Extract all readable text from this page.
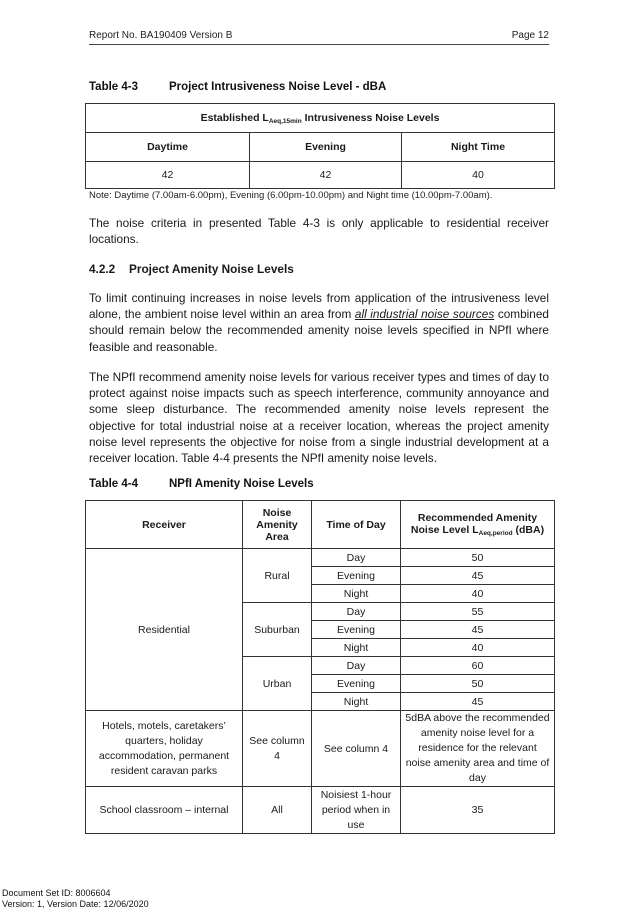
Report No. BA190409 Version B	Page 12
Table 4-3	Project Intrusiveness Noise Level - dBA
Established $L_{Aeq,15min}$ Intrusiveness Noise Levels		
Daytime	Evening	Night Time
42	42	40
Note: Daytime (7.00am-6.00pm), Evening (6.00pm-10.00pm) and Night time (10.00pm-7.00am).
The noise criteria in presented Table 4-3 is only applicable to residential receiver locations.
4.2.2 Project Amenity Noise Levels
To limit continuing increases in noise levels from application of the intrusiveness level alone, the ambient noise level within an area from all industrial noise sources combined should remain below the recommended amenity noise levels specified in NPfI where feasible and reasonable.
The NPfI recommend amenity noise levels for various receiver types and times of day to protect against noise impacts such as speech interference, community annoyance and some sleep disturbance. The recommended amenity noise levels represent the objective for total industrial noise at a receiver location, whereas the project amenity noise level represents the objective for noise from a single industrial development at a receiver location. Table 4-4 presents the NPfI amenity noise levels.
Table 4-4	NPfI Amenity Noise Levels
Receiver	Noise Amenity Area	Time of Day	Recommended Amenity Noise Level $L_{Aeq,period}$ (dBA)
Residential	Rural	Day	50
		Evening	45
		Night	40
	Suburban	Day	55
		Evening	45
		Night	40
	Urban	Day	60
		Evening	50
		Night	45
Hotels, motels, caretakers’ quarters, holiday accommodation, permanent resident caravan parks	See column 4	See column 4	5dBA above the recommended amenity noise level for a residence for the relevant noise amenity area and time of day
School classroom – internal	All	Noisiest 1-hour period when in use	35
Document Set ID: 8006604
Version: 1, Version Date: 12/06/2020
